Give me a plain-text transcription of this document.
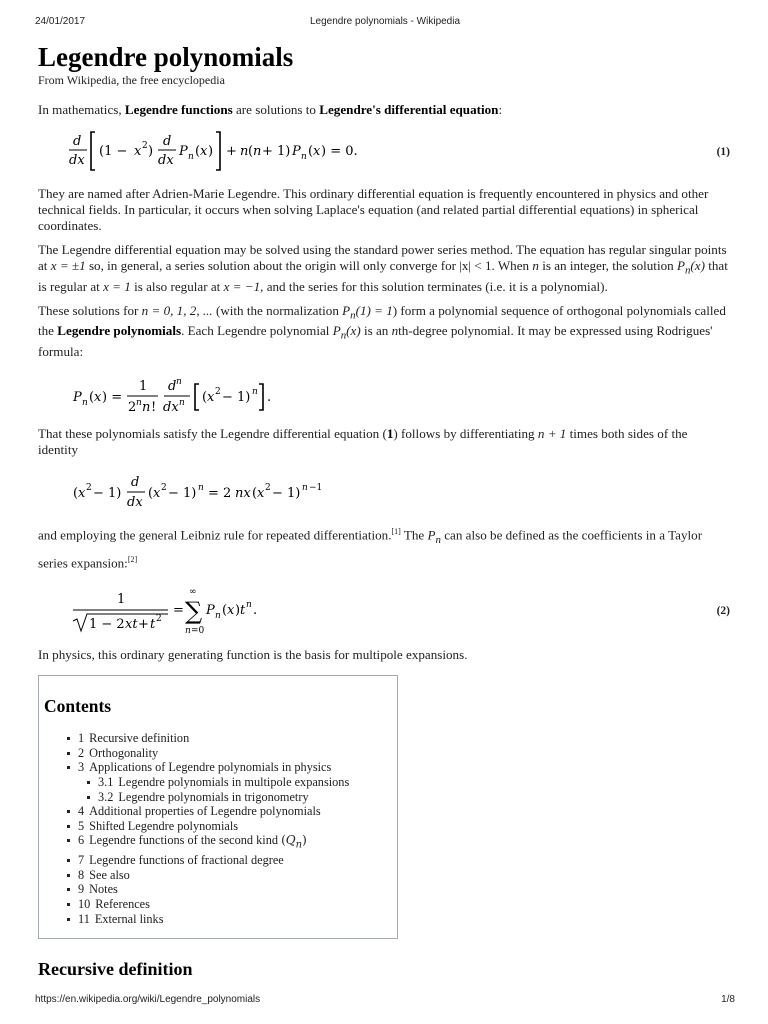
24/01/2017	Legendre polynomials - Wikipedia
Legendre polynomials
From Wikipedia, the free encyclopedia

In mathematics, Legendre functions are solutions to Legendre's differential equation:

d
dx
(1 − x 2 )
d
dx
P n ( x ) + n ( n + 1) P n ( x ) = 0.	(1)

They are named after Adrien-Marie Legendre. This ordinary differential equation is frequently encountered in physics and other technical fields. In particular, it occurs when solving Laplace's equation (and related partial differential equations) in spherical coordinates.

The Legendre differential equation may be solved using the standard power series method. The equation has regular singular points at x = ±1 so, in general, a series solution about the origin will only converge for |x| < 1. When n is an integer, the solution $P_n(x)$ that is regular at x = 1 is also regular at x = −1, and the series for this solution terminates (i.e. it is a polynomial).

These solutions for n = 0, 1, 2, ... (with the normalization $P_n(1) = 1$) form a polynomial sequence of orthogonal polynomials called the Legendre polynomials. Each Legendre polynomial $P_n(x)$ is an nth-degree polynomial. It may be expressed using Rodrigues' formula:

P n ( x ) =
1
2 n n !
d n
dx n ( x 2 − 1) n .

That these polynomials satisfy the Legendre differential equation (1) follows by differentiating n + 1 times both sides of the identity

( x 2 − 1)
d
dx
( x 2 − 1) n = 2 nx ( x 2 − 1) n −1

and employing the general Leibniz rule for repeated differentiation.[1] The $P_n$ can also be defined as the coefficients in a Taylor series expansion:[2]

1
1 − 2 xt + t 2
=
∞
∑
n =0
P n ( x ) t n .	(2)

In physics, this ordinary generating function is the basis for multipole expansions.

Contents
1 Recursive definition
2 Orthogonality
3 Applications of Legendre polynomials in physics
3.1 Legendre polynomials in multipole expansions
3.2 Legendre polynomials in trigonometry
4 Additional properties of Legendre polynomials
5 Shifted Legendre polynomials
6 Legendre functions of the second kind $(Q_n)$
7 Legendre functions of fractional degree
8 See also
9 Notes
10 References
11 External links
Recursive definition
https://en.wikipedia.org/wiki/Legendre_polynomials	1/8
